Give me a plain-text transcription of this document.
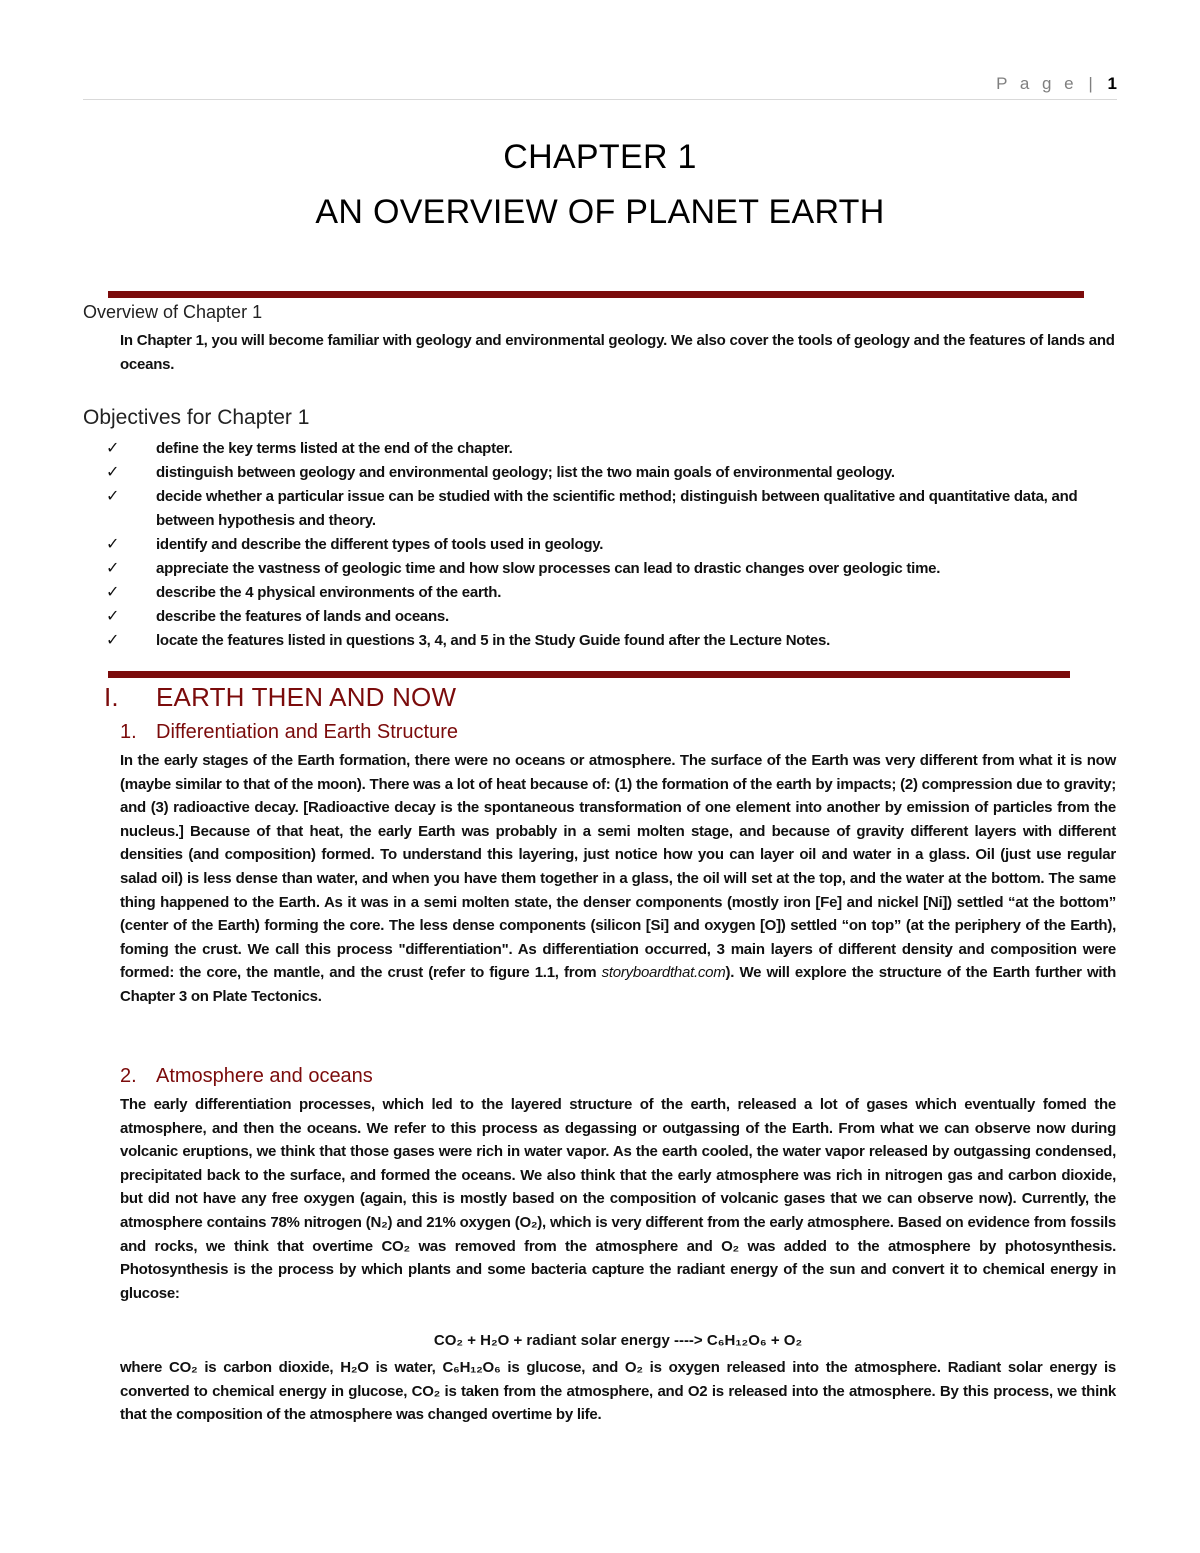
P a g e | 1
CHAPTER 1
AN OVERVIEW OF PLANET EARTH
Overview of Chapter 1
In Chapter 1, you will become familiar with geology and environmental geology. We also cover the tools of geology and the features of lands and oceans.
Objectives for Chapter 1
✓ define the key terms listed at the end of the chapter.
✓ distinguish between geology and environmental geology; list the two main goals of environmental geology.
✓ decide whether a particular issue can be studied with the scientific method; distinguish between qualitative and quantitative data, and between hypothesis and theory.
✓ identify and describe the different types of tools used in geology.
✓ appreciate the vastness of geologic time and how slow processes can lead to drastic changes over geologic time.
✓ describe the 4 physical environments of the earth.
✓ describe the features of lands and oceans.
✓ locate the features listed in questions 3, 4, and 5 in the Study Guide found after the Lecture Notes.
I. EARTH THEN AND NOW
1. Differentiation and Earth Structure
In the early stages of the Earth formation, there were no oceans or atmosphere. The surface of the Earth was very different from what it is now (maybe similar to that of the moon). There was a lot of heat because of: (1) the formation of the earth by impacts; (2) compression due to gravity; and (3) radioactive decay. [Radioactive decay is the spontaneous transformation of one element into another by emission of particles from the nucleus.] Because of that heat, the early Earth was probably in a semi molten stage, and because of gravity different layers with different densities (and composition) formed. To understand this layering, just notice how you can layer oil and water in a glass. Oil (just use regular salad oil) is less dense than water, and when you have them together in a glass, the oil will set at the top, and the water at the bottom. The same thing happened to the Earth. As it was in a semi molten state, the denser components (mostly iron [Fe] and nickel [Ni]) settled “at the bottom” (center of the Earth) forming the core. The less dense components (silicon [Si] and oxygen [O]) settled “on top” (at the periphery of the Earth), foming the crust. We call this process "differentiation". As differentiation occurred, 3 main layers of different density and composition were formed: the core, the mantle, and the crust (refer to figure 1.1, from storyboardthat.com). We will explore the structure of the Earth further with Chapter 3 on Plate Tectonics.
2. Atmosphere and oceans
The early differentiation processes, which led to the layered structure of the earth, released a lot of gases which eventually fomed the atmosphere, and then the oceans. We refer to this process as degassing or outgassing of the Earth. From what we can observe now during volcanic eruptions, we think that those gases were rich in water vapor. As the earth cooled, the water vapor released by outgassing condensed, precipitated back to the surface, and formed the oceans. We also think that the early atmosphere was rich in nitrogen gas and carbon dioxide, but did not have any free oxygen (again, this is mostly based on the composition of volcanic gases that we can observe now). Currently, the atmosphere contains 78% nitrogen (N₂) and 21% oxygen (O₂), which is very different from the early atmosphere. Based on evidence from fossils and rocks, we think that overtime CO₂ was removed from the atmosphere and O₂ was added to the atmosphere by photosynthesis. Photosynthesis is the process by which plants and some bacteria capture the radiant energy of the sun and convert it to chemical energy in glucose:
CO₂ + H₂O + radiant solar energy ----> C₆H₁₂O₆ + O₂
where CO₂ is carbon dioxide, H₂O is water, C₆H₁₂O₆ is glucose, and O₂ is oxygen released into the atmosphere. Radiant solar energy is converted to chemical energy in glucose, CO₂ is taken from the atmosphere, and O2 is released into the atmosphere. By this process, we think that the composition of the atmosphere was changed overtime by life.
